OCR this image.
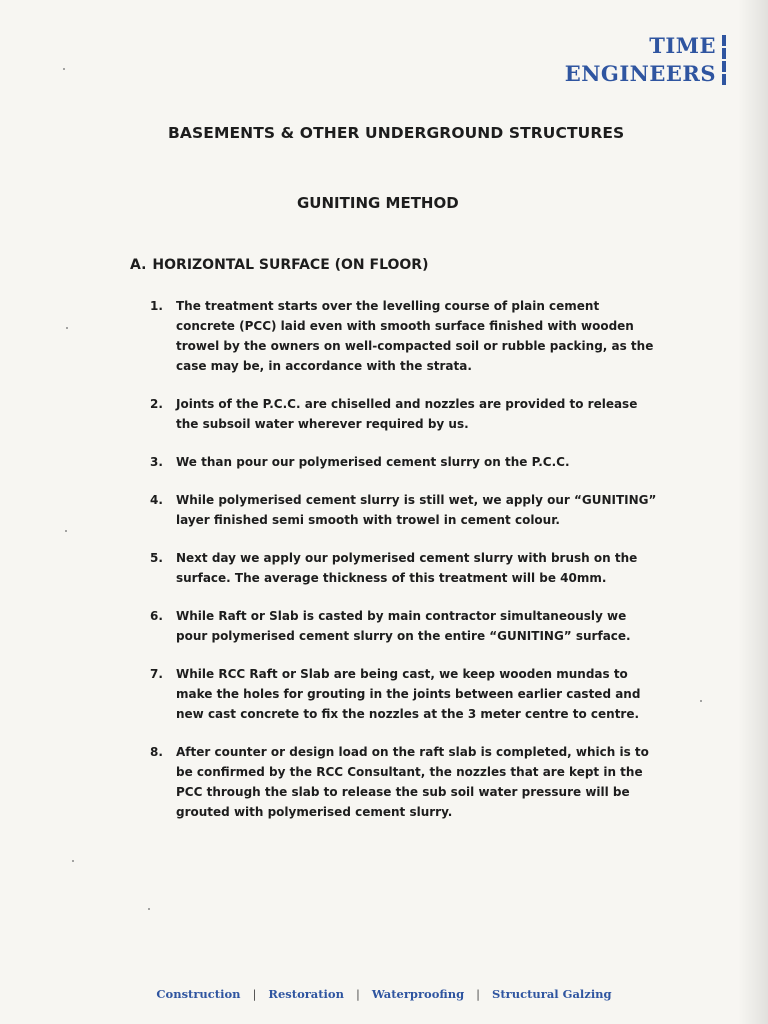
TIME
ENGINEERS
BASEMENTS & OTHER UNDERGROUND STRUCTURES
GUNITING METHOD
A. HORIZONTAL SURFACE (ON FLOOR)
1.	The treatment starts over the levelling course of plain cement concrete (PCC) laid even with smooth surface finished with wooden trowel by the owners on well-compacted soil or rubble packing, as the case may be, in accordance with the strata.
2.	Joints of the P.C.C. are chiselled and nozzles are provided to release the subsoil water wherever required by us.
3.	We than pour our polymerised cement slurry on the P.C.C.
4.	While polymerised cement slurry is still wet, we apply our “GUNITING” layer finished semi smooth with trowel in cement colour.
5.	Next day we apply our polymerised cement slurry with brush on the surface. The average thickness of this treatment will be 40mm.
6.	While Raft or Slab is casted by main contractor simultaneously we pour polymerised cement slurry on the entire “GUNITING” surface.
7.	While RCC Raft or Slab are being cast, we keep wooden mundas to make the holes for grouting in the joints between earlier casted and new cast concrete to fix the nozzles at the 3 meter centre to centre.
8.	After counter or design load on the raft slab is completed, which is to be confirmed by the RCC Consultant, the nozzles that are kept in the PCC through the slab to release the sub soil water pressure will be grouted with polymerised cement slurry.
Construction | Restoration | Waterproofing | Structural Galzing
